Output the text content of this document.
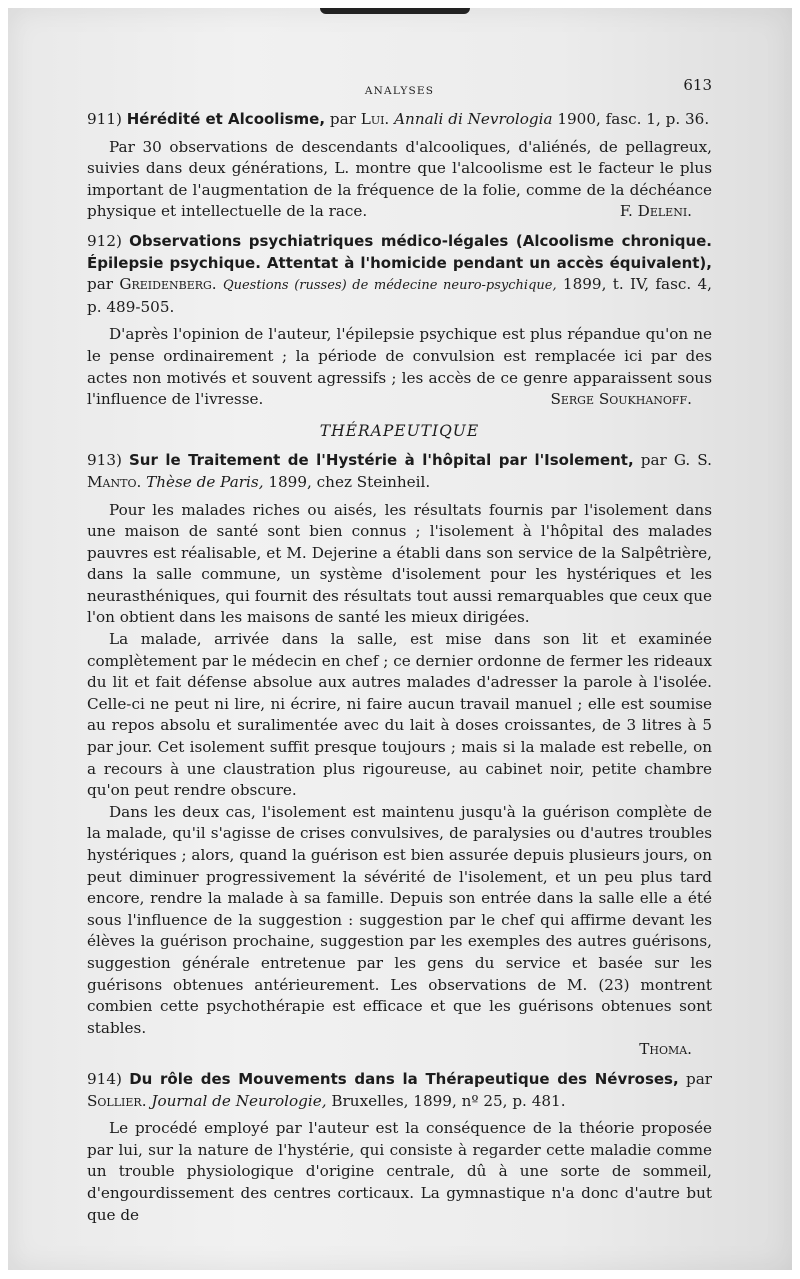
ANALYSES	613
911) Hérédité et Alcoolisme, par Lui. Annali di Nevrologia 1900, fasc. 1, p. 36.

Par 30 observations de descendants d'alcooliques, d'aliénés, de pellagreux, suivies dans deux générations, L. montre que l'alcoolisme est le facteur le plus important de l'augmentation de la fréquence de la folie, comme de la déchéance physique et intellectuelle de la race.	F. Deleni.

912) Observations psychiatriques médico-légales (Alcoolisme chronique. Épilepsie psychique. Attentat à l'homicide pendant un accès équivalent), par Greidenberg. Questions (russes) de médecine neuro-psychique, 1899, t. IV, fasc. 4, p. 489-505.

D'après l'opinion de l'auteur, l'épilepsie psychique est plus répandue qu'on ne le pense ordinairement ; la période de convulsion est remplacée ici par des actes non motivés et souvent agressifs ; les accès de ce genre apparaissent sous l'influence de l'ivresse.	Serge Soukhanoff.

THÉRAPEUTIQUE
913) Sur le Traitement de l'Hystérie à l'hôpital par l'Isolement, par G. S. Manto. Thèse de Paris, 1899, chez Steinheil.

Pour les malades riches ou aisés, les résultats fournis par l'isolement dans une maison de santé sont bien connus ; l'isolement à l'hôpital des malades pauvres est réalisable, et M. Dejerine a établi dans son service de la Salpêtrière, dans la salle commune, un système d'isolement pour les hystériques et les neurasthéniques, qui fournit des résultats tout aussi remarquables que ceux que l'on obtient dans les maisons de santé les mieux dirigées.

La malade, arrivée dans la salle, est mise dans son lit et examinée complètement par le médecin en chef ; ce dernier ordonne de fermer les rideaux du lit et fait défense absolue aux autres malades d'adresser la parole à l'isolée. Celle-ci ne peut ni lire, ni écrire, ni faire aucun travail manuel ; elle est soumise au repos absolu et suralimentée avec du lait à doses croissantes, de 3 litres à 5 par jour. Cet isolement suffit presque toujours ; mais si la malade est rebelle, on a recours à une claustration plus rigoureuse, au cabinet noir, petite chambre qu'on peut rendre obscure.

Dans les deux cas, l'isolement est maintenu jusqu'à la guérison complète de la malade, qu'il s'agisse de crises convulsives, de paralysies ou d'autres troubles hystériques ; alors, quand la guérison est bien assurée depuis plusieurs jours, on peut diminuer progressivement la sévérité de l'isolement, et un peu plus tard encore, rendre la malade à sa famille. Depuis son entrée dans la salle elle a été sous l'influence de la suggestion : suggestion par le chef qui affirme devant les élèves la guérison prochaine, suggestion par les exemples des autres guérisons, suggestion générale entretenue par les gens du service et basée sur les guérisons obtenues antérieurement. Les observations de M. (23) montrent combien cette psychothérapie est efficace et que les guérisons obtenues sont stables.

Thoma.

914) Du rôle des Mouvements dans la Thérapeutique des Névroses, par Sollier. Journal de Neurologie, Bruxelles, 1899, nº 25, p. 481.

Le procédé employé par l'auteur est la conséquence de la théorie proposée par lui, sur la nature de l'hystérie, qui consiste à regarder cette maladie comme un trouble physiologique d'origine centrale, dû à une sorte de sommeil, d'engourdissement des centres corticaux. La gymnastique n'a donc d'autre but que de
